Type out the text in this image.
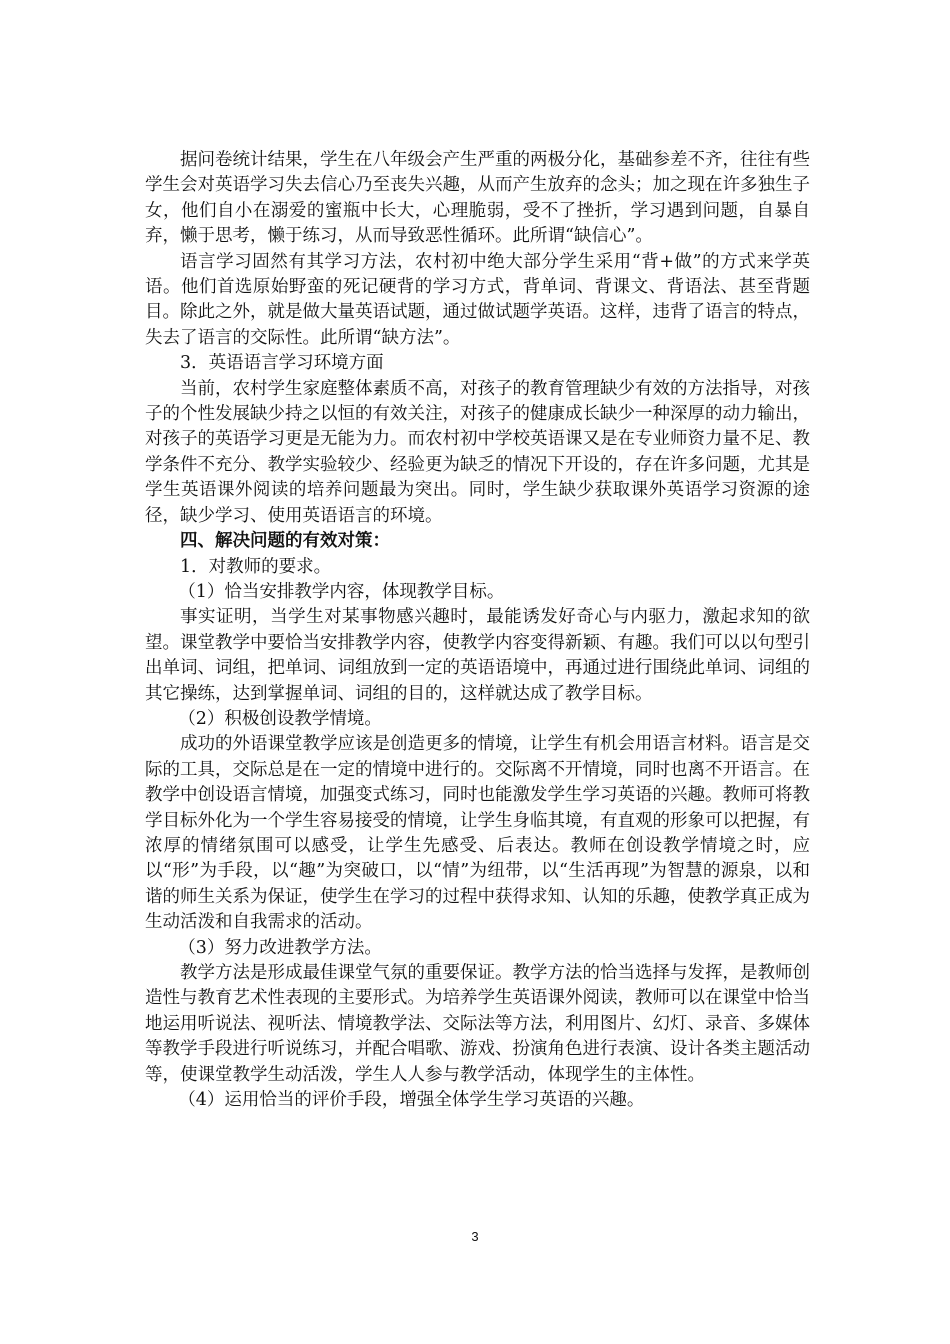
据问卷统计结果，学生在八年级会产生严重的两极分化，基础参差不齐，往往有些学生会对英语学习失去信心乃至丧失兴趣，从而产生放弃的念头；加之现在许多独生子女，他们自小在溺爱的蜜瓶中长大，心理脆弱，受不了挫折，学习遇到问题，自暴自弃，懒于思考，懒于练习，从而导致恶性循环。此所谓“缺信心”。

语言学习固然有其学习方法，农村初中绝大部分学生采用“背+做”的方式来学英语。他们首选原始野蛮的死记硬背的学习方式，背单词、背课文、背语法、甚至背题目。除此之外，就是做大量英语试题，通过做试题学英语。这样，违背了语言的特点，失去了语言的交际性。此所谓“缺方法”。

3．英语语言学习环境方面

当前，农村学生家庭整体素质不高，对孩子的教育管理缺少有效的方法指导，对孩子的个性发展缺少持之以恒的有效关注，对孩子的健康成长缺少一种深厚的动力输出，对孩子的英语学习更是无能为力。而农村初中学校英语课又是在专业师资力量不足、教学条件不充分、教学实验较少、经验更为缺乏的情况下开设的，存在许多问题，尤其是学生英语课外阅读的培养问题最为突出。同时，学生缺少获取课外英语学习资源的途径，缺少学习、使用英语语言的环境。

四、解决问题的有效对策：

1．对教师的要求。

（1）恰当安排教学内容，体现教学目标。

事实证明，当学生对某事物感兴趣时，最能诱发好奇心与内驱力，激起求知的欲望。课堂教学中要恰当安排教学内容，使教学内容变得新颖、有趣。我们可以以句型引出单词、词组，把单词、词组放到一定的英语语境中，再通过进行围绕此单词、词组的其它操练，达到掌握单词、词组的目的，这样就达成了教学目标。

（2）积极创设教学情境。

成功的外语课堂教学应该是创造更多的情境，让学生有机会用语言材料。语言是交际的工具，交际总是在一定的情境中进行的。交际离不开情境，同时也离不开语言。在教学中创设语言情境，加强变式练习，同时也能激发学生学习英语的兴趣。教师可将教学目标外化为一个学生容易接受的情境，让学生身临其境，有直观的形象可以把握，有浓厚的情绪氛围可以感受，让学生先感受、后表达。教师在创设教学情境之时，应以“形”为手段，以“趣”为突破口，以“情”为纽带，以“生活再现”为智慧的源泉，以和谐的师生关系为保证，使学生在学习的过程中获得求知、认知的乐趣，使教学真正成为生动活泼和自我需求的活动。

（3）努力改进教学方法。

教学方法是形成最佳课堂气氛的重要保证。教学方法的恰当选择与发挥，是教师创造性与教育艺术性表现的主要形式。为培养学生英语课外阅读，教师可以在课堂中恰当地运用听说法、视听法、情境教学法、交际法等方法，利用图片、幻灯、录音、多媒体等教学手段进行听说练习，并配合唱歌、游戏、扮演角色进行表演、设计各类主题活动等，使课堂教学生动活泼，学生人人参与教学活动，体现学生的主体性。

（4）运用恰当的评价手段，增强全体学生学习英语的兴趣。

3
